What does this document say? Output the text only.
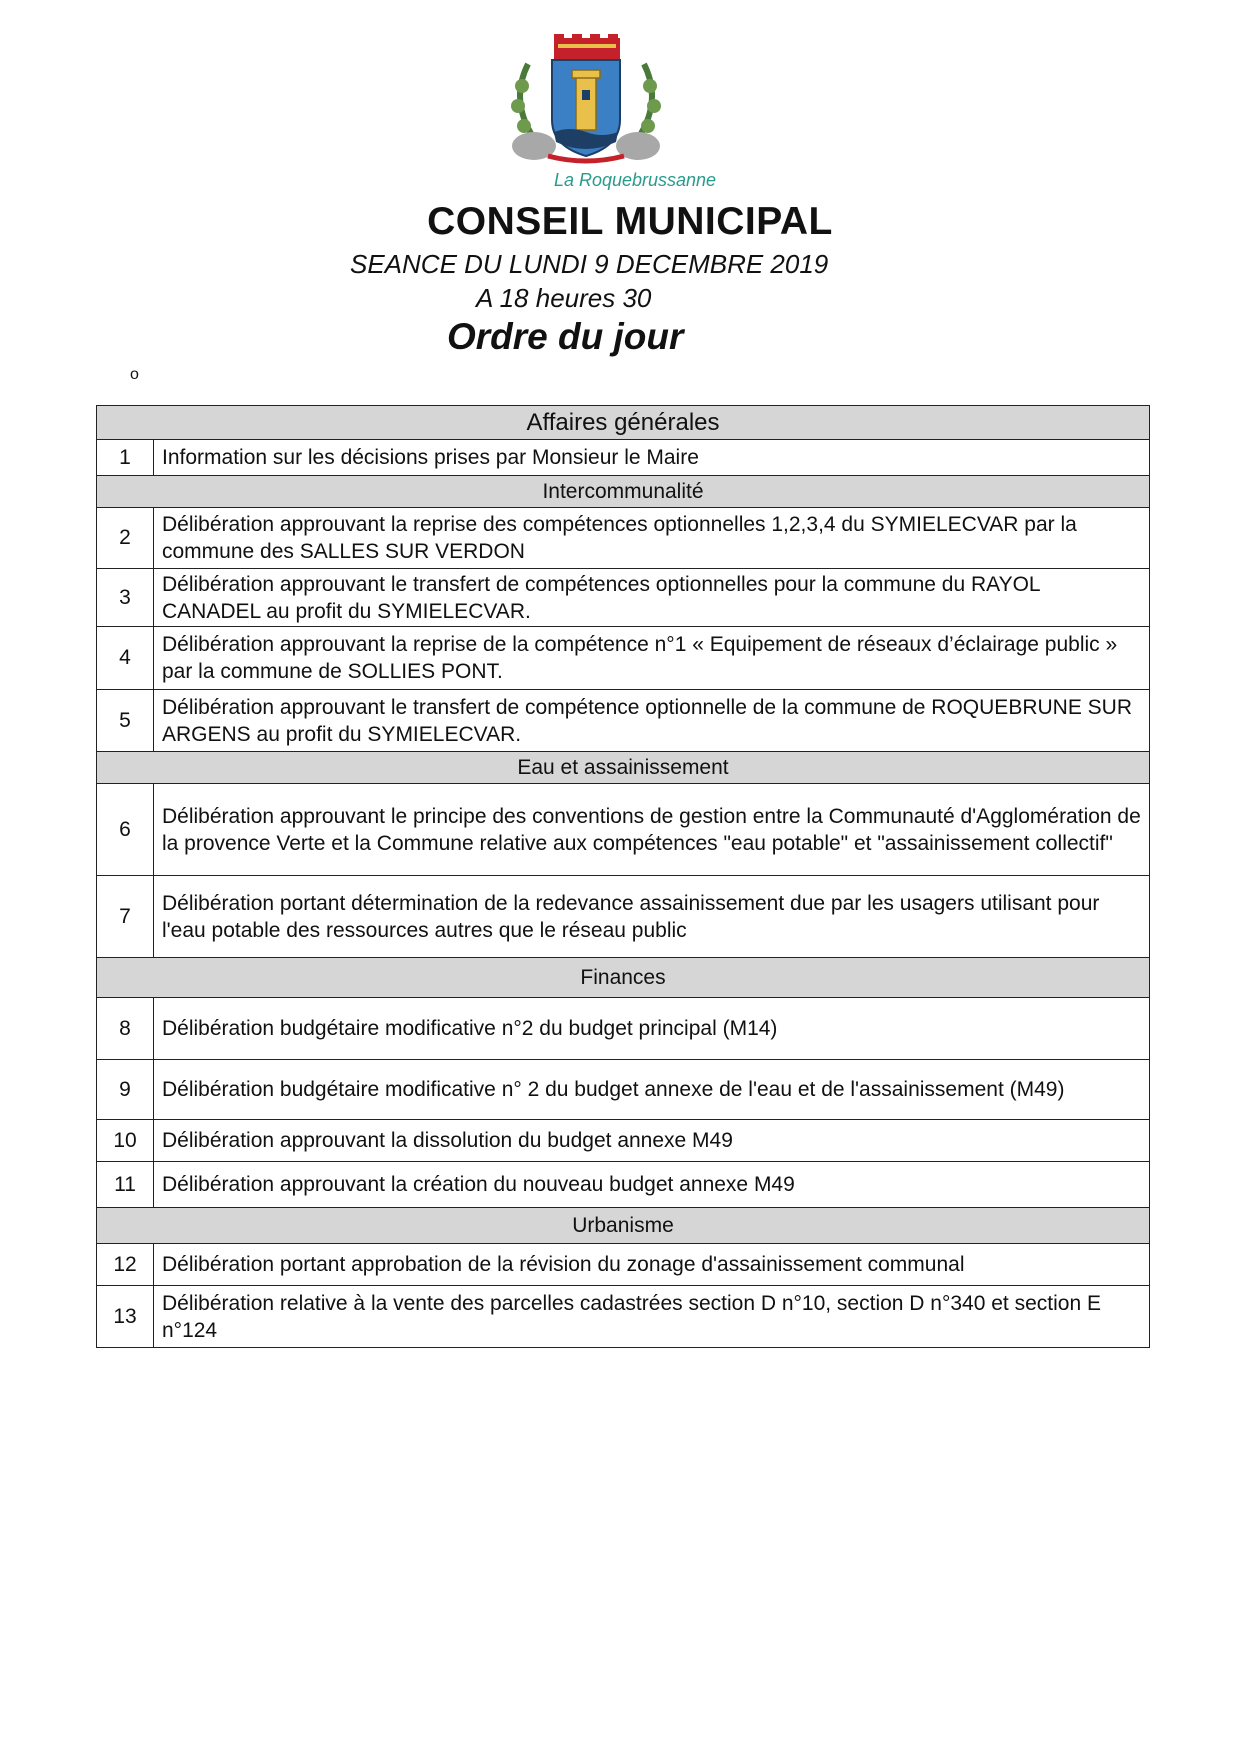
La Roquebrussanne
CONSEIL MUNICIPAL
SEANCE DU LUNDI 9 DECEMBRE 2019
A 18 heures 30
Ordre du jour
o
Affaires générales	
1	Information sur les décisions prises par Monsieur le Maire
Intercommunalité	
2	Délibération approuvant la reprise des compétences optionnelles 1,2,3,4 du SYMIELECVAR par la commune des SALLES SUR VERDON
3	Délibération approuvant le transfert de compétences optionnelles pour la commune du RAYOL CANADEL au profit du SYMIELECVAR.
4	Délibération approuvant la reprise de la compétence n°1 « Equipement de réseaux d’éclairage public » par la commune de SOLLIES PONT.
5	Délibération approuvant le transfert de compétence optionnelle de la commune de ROQUEBRUNE SUR ARGENS au profit du SYMIELECVAR.
Eau et assainissement	
6	Délibération approuvant le principe des conventions de gestion entre la Communauté d'Agglomération de la provence Verte et la Commune relative aux compétences "eau potable" et "assainissement collectif"
7	Délibération portant détermination de la redevance assainissement due par les usagers utilisant pour l'eau potable des ressources autres que le réseau public
Finances	
8	Délibération budgétaire modificative n°2 du budget principal (M14)
9	Délibération budgétaire modificative n° 2 du budget annexe de l'eau et de l'assainissement (M49)
10	Délibération approuvant la dissolution du budget annexe M49
11	Délibération approuvant la création du nouveau budget annexe M49
Urbanisme	
12	Délibération portant approbation de la révision du zonage d'assainissement communal
13	Délibération relative à la vente des parcelles cadastrées section D n°10, section D n°340 et section E n°124
